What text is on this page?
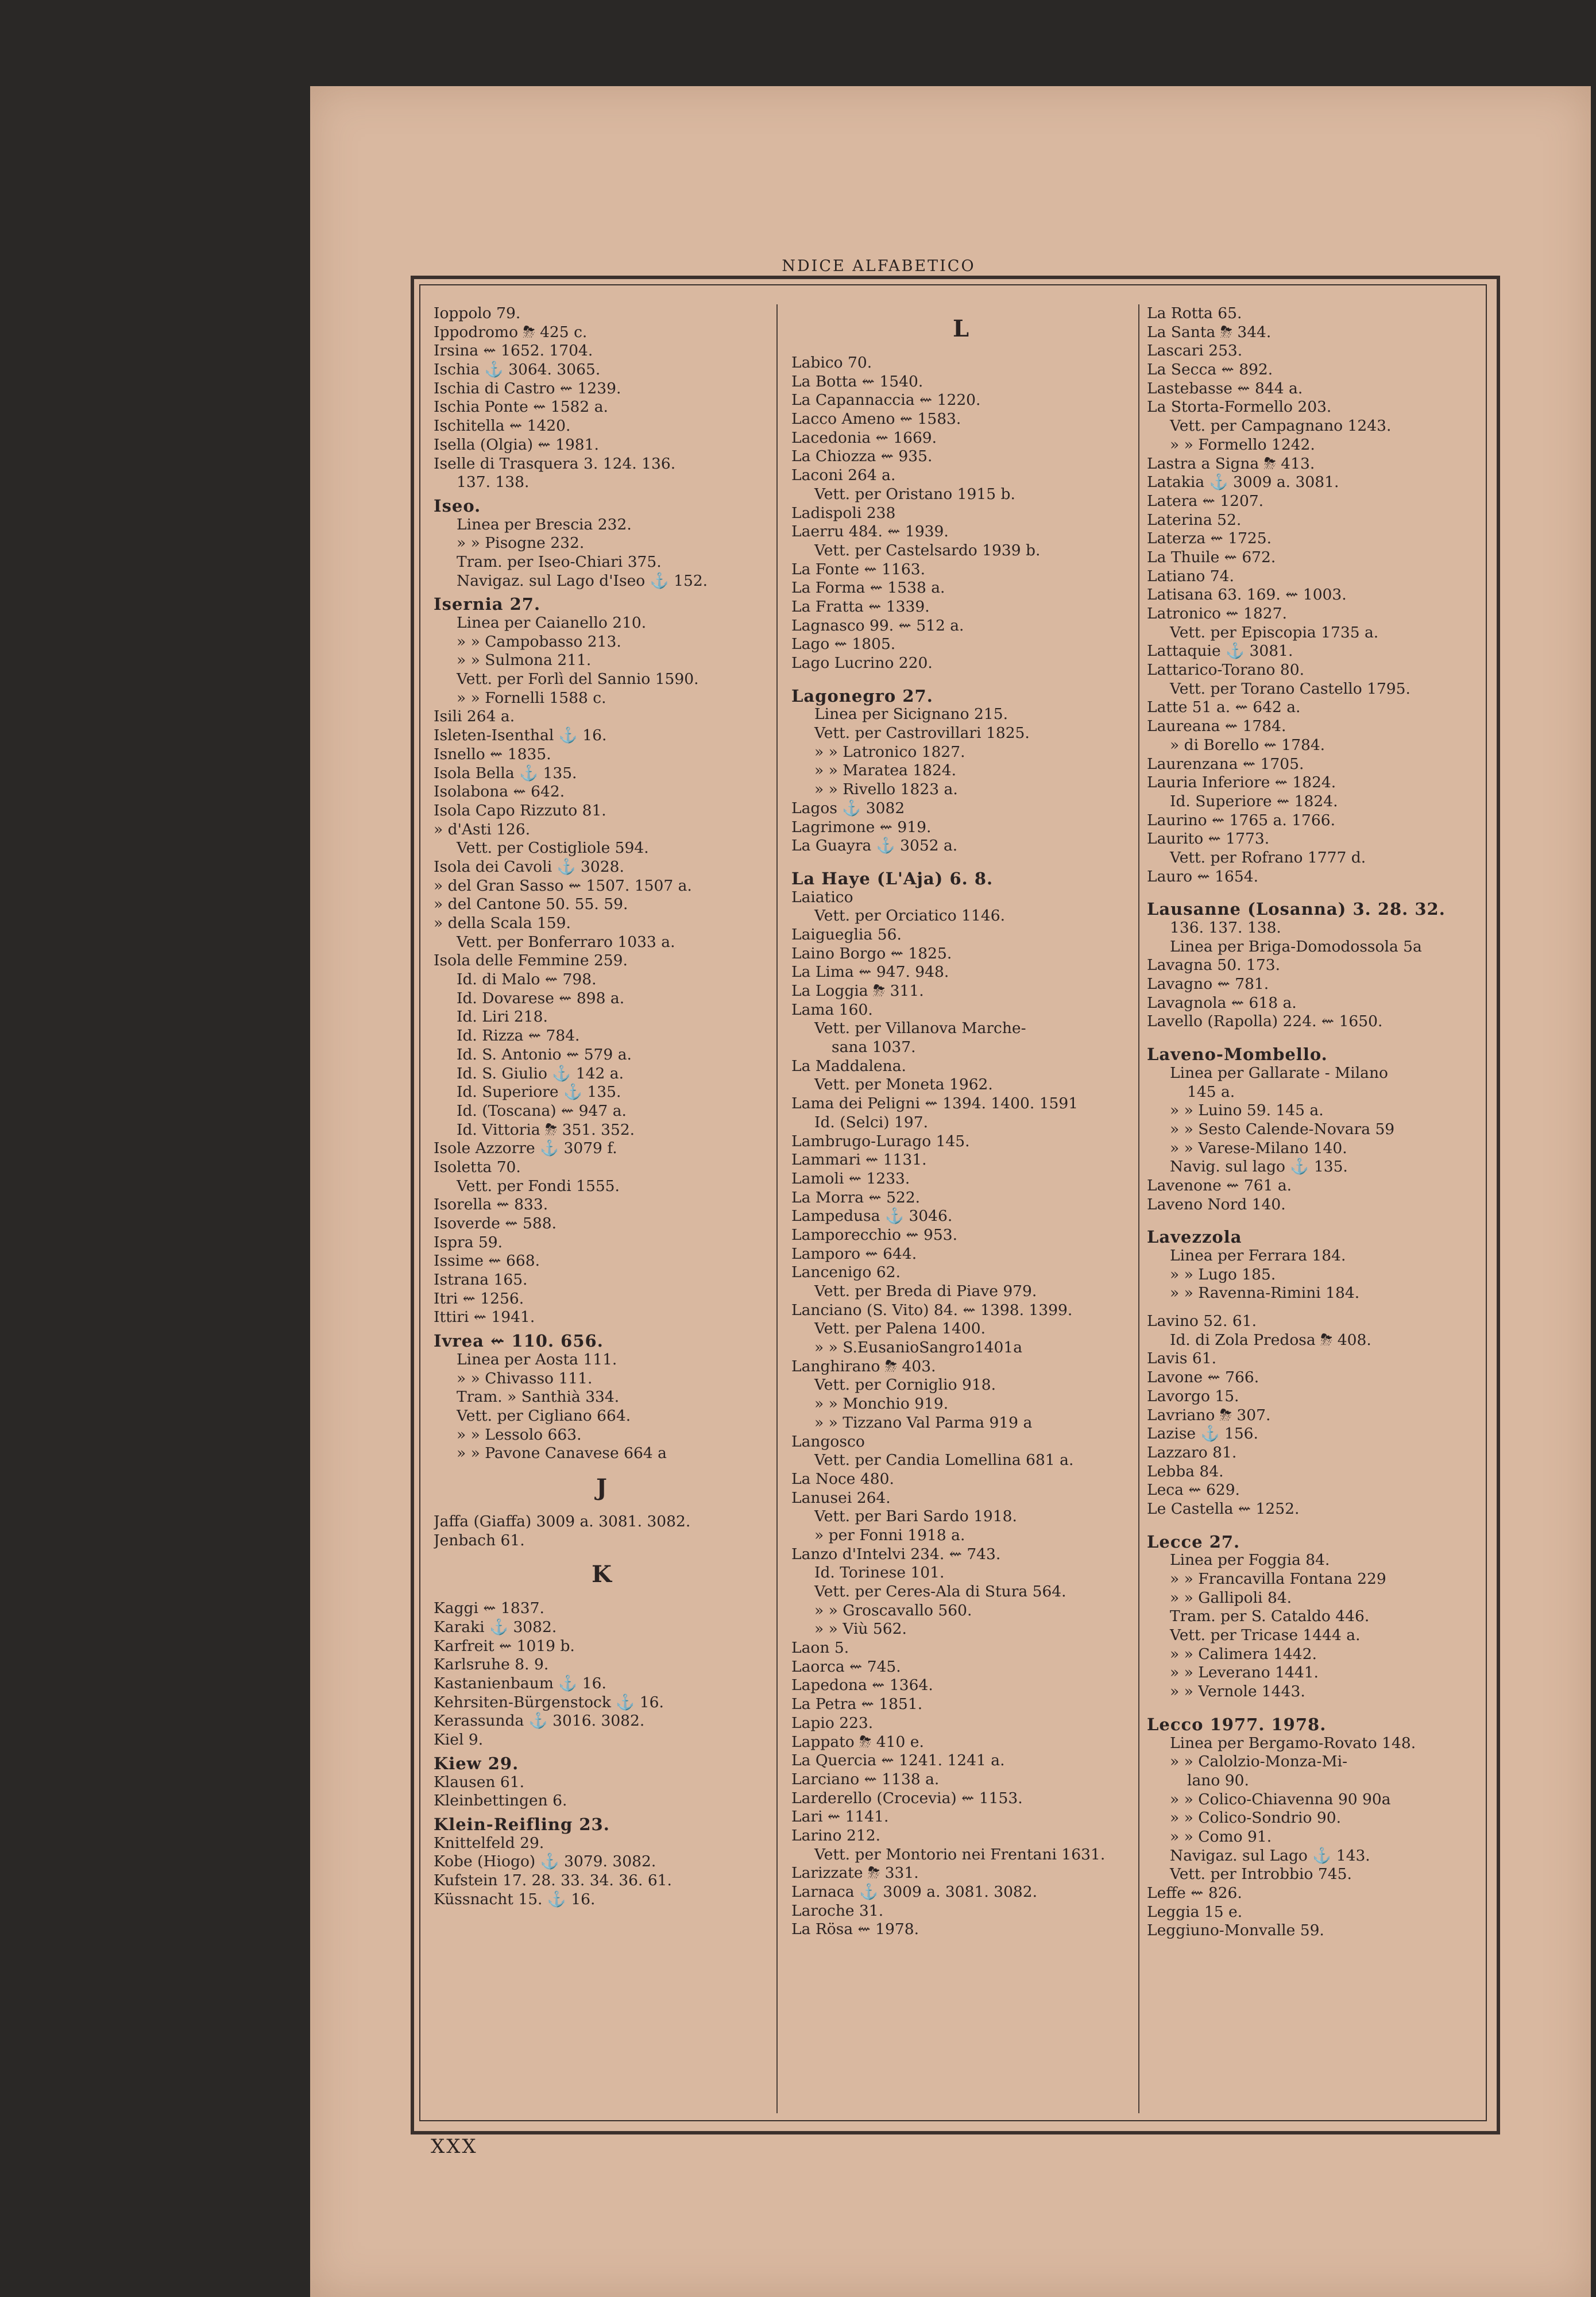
NDICE ALFABETICO
Ioppolo 79.
Ippodromo ⛈ 425 c.
Irsina ⇜ 1652. 1704.
Ischia ⚓ 3064. 3065.
Ischia di Castro ⇜ 1239.
Ischia Ponte ⇜ 1582 a.
Ischitella ⇜ 1420.
Isella (Olgia) ⇜ 1981.
Iselle di Trasquera 3. 124. 136.
137. 138.
Iseo.
Linea per Brescia 232.
» » Pisogne 232.
Tram. per Iseo-Chiari 375.
Navigaz. sul Lago d'Iseo ⚓ 152.
Isernia 27.
Linea per Caianello 210.
» » Campobasso 213.
» » Sulmona 211.
Vett. per Forlì del Sannio 1590.
» » Fornelli 1588 c.
Isili 264 a.
Isleten-Isenthal ⚓ 16.
Isnello ⇜ 1835.
Isola Bella ⚓ 135.
Isolabona ⇜ 642.
Isola Capo Rizzuto 81.
» d'Asti 126.
Vett. per Costigliole 594.
Isola dei Cavoli ⚓ 3028.
» del Gran Sasso ⇜ 1507. 1507 a.
» del Cantone 50. 55. 59.
» della Scala 159.
Vett. per Bonferraro 1033 a.
Isola delle Femmine 259.
Id. di Malo ⇜ 798.
Id. Dovarese ⇜ 898 a.
Id. Liri 218.
Id. Rizza ⇜ 784.
Id. S. Antonio ⇜ 579 a.
Id. S. Giulio ⚓ 142 a.
Id. Superiore ⚓ 135.
Id. (Toscana) ⇜ 947 a.
Id. Vittoria ⛈ 351. 352.
Isole Azzorre ⚓ 3079 f.
Isoletta 70.
Vett. per Fondi 1555.
Isorella ⇜ 833.
Isoverde ⇜ 588.
Ispra 59.
Issime ⇜ 668.
Istrana 165.
Itri ⇜ 1256.
Ittiri ⇜ 1941.
Ivrea ⇜ 110. 656.
Linea per Aosta 111.
» » Chivasso 111.
Tram. » Santhià 334.
Vett. per Cigliano 664.
» » Lessolo 663.
» » Pavone Canavese 664 a
J
Jaffa (Giaffa) 3009 a. 3081. 3082.
Jenbach 61.
K
Kaggi ⇜ 1837.
Karaki ⚓ 3082.
Karfreit ⇜ 1019 b.
Karlsruhe 8. 9.
Kastanienbaum ⚓ 16.
Kehrsiten-Bürgenstock ⚓ 16.
Kerassunda ⚓ 3016. 3082.
Kiel 9.
Kiew 29.
Klausen 61.
Kleinbettingen 6.
Klein-Reifling 23.
Knittelfeld 29.
Kobe (Hiogo) ⚓ 3079. 3082.
Kufstein 17. 28. 33. 34. 36. 61.
Küssnacht 15. ⚓ 16.
L
Labico 70.
La Botta ⇜ 1540.
La Capannaccia ⇜ 1220.
Lacco Ameno ⇜ 1583.
Lacedonia ⇜ 1669.
La Chiozza ⇜ 935.
Laconi 264 a.
Vett. per Oristano 1915 b.
Ladispoli 238
Laerru 484. ⇜ 1939.
Vett. per Castelsardo 1939 b.
La Fonte ⇜ 1163.
La Forma ⇜ 1538 a.
La Fratta ⇜ 1339.
Lagnasco 99. ⇜ 512 a.
Lago ⇜ 1805.
Lago Lucrino 220.
Lagonegro 27.
Linea per Sicignano 215.
Vett. per Castrovillari 1825.
» » Latronico 1827.
» » Maratea 1824.
» » Rivello 1823 a.
Lagos ⚓ 3082
Lagrimone ⇜ 919.
La Guayra ⚓ 3052 a.
La Haye (L'Aja) 6. 8.
Laiatico
Vett. per Orciatico 1146.
Laigueglia 56.
Laino Borgo ⇜ 1825.
La Lima ⇜ 947. 948.
La Loggia ⛈ 311.
Lama 160.
Vett. per Villanova Marche-
sana 1037.
La Maddalena.
Vett. per Moneta 1962.
Lama dei Peligni ⇜ 1394. 1400. 1591
Id. (Selci) 197.
Lambrugo-Lurago 145.
Lammari ⇜ 1131.
Lamoli ⇜ 1233.
La Morra ⇜ 522.
Lampedusa ⚓ 3046.
Lamporecchio ⇜ 953.
Lamporo ⇜ 644.
Lancenigo 62.
Vett. per Breda di Piave 979.
Lanciano (S. Vito) 84. ⇜ 1398. 1399.
Vett. per Palena 1400.
» » S.EusanioSangro1401a
Langhirano ⛈ 403.
Vett. per Corniglio 918.
» » Monchio 919.
» » Tizzano Val Parma 919 a
Langosco
Vett. per Candia Lomellina 681 a.
La Noce 480.
Lanusei 264.
Vett. per Bari Sardo 1918.
» per Fonni 1918 a.
Lanzo d'Intelvi 234. ⇜ 743.
Id. Torinese 101.
Vett. per Ceres-Ala di Stura 564.
» » Groscavallo 560.
» » Viù 562.
Laon 5.
Laorca ⇜ 745.
Lapedona ⇜ 1364.
La Petra ⇜ 1851.
Lapio 223.
Lappato ⛈ 410 e.
La Quercia ⇜ 1241. 1241 a.
Larciano ⇜ 1138 a.
Larderello (Crocevia) ⇜ 1153.
Lari ⇜ 1141.
Larino 212.
Vett. per Montorio nei Frentani 1631.
Larizzate ⛈ 331.
Larnaca ⚓ 3009 a. 3081. 3082.
Laroche 31.
La Rösa ⇜ 1978.
La Rotta 65.
La Santa ⛈ 344.
Lascari 253.
La Secca ⇜ 892.
Lastebasse ⇜ 844 a.
La Storta-Formello 203.
Vett. per Campagnano 1243.
» » Formello 1242.
Lastra a Signa ⛈ 413.
Latakia ⚓ 3009 a. 3081.
Latera ⇜ 1207.
Laterina 52.
Laterza ⇜ 1725.
La Thuile ⇜ 672.
Latiano 74.
Latisana 63. 169. ⇜ 1003.
Latronico ⇜ 1827.
Vett. per Episcopia 1735 a.
Lattaquie ⚓ 3081.
Lattarico-Torano 80.
Vett. per Torano Castello 1795.
Latte 51 a. ⇜ 642 a.
Laureana ⇜ 1784.
» di Borello ⇜ 1784.
Laurenzana ⇜ 1705.
Lauria Inferiore ⇜ 1824.
Id. Superiore ⇜ 1824.
Laurino ⇜ 1765 a. 1766.
Laurito ⇜ 1773.
Vett. per Rofrano 1777 d.
Lauro ⇜ 1654.
Lausanne (Losanna) 3. 28. 32.
136. 137. 138.
Linea per Briga-Domodossola 5a
Lavagna 50. 173.
Lavagno ⇜ 781.
Lavagnola ⇜ 618 a.
Lavello (Rapolla) 224. ⇜ 1650.
Laveno-Mombello.
Linea per Gallarate - Milano
145 a.
» » Luino 59. 145 a.
» » Sesto Calende-Novara 59
» » Varese-Milano 140.
Navig. sul lago ⚓ 135.
Lavenone ⇜ 761 a.
Laveno Nord 140.
Lavezzola
Linea per Ferrara 184.
» » Lugo 185.
» » Ravenna-Rimini 184.
Lavino 52. 61.
Id. di Zola Predosa ⛈ 408.
Lavis 61.
Lavone ⇜ 766.
Lavorgo 15.
Lavriano ⛈ 307.
Lazise ⚓ 156.
Lazzaro 81.
Lebba 84.
Leca ⇜ 629.
Le Castella ⇜ 1252.
Lecce 27.
Linea per Foggia 84.
» » Francavilla Fontana 229
» » Gallipoli 84.
Tram. per S. Cataldo 446.
Vett. per Tricase 1444 a.
» » Calimera 1442.
» » Leverano 1441.
» » Vernole 1443.
Lecco 1977. 1978.
Linea per Bergamo-Rovato 148.
» » Calolzio-Monza-Mi-
lano 90.
» » Colico-Chiavenna 90 90a
» » Colico-Sondrio 90.
» » Como 91.
Navigaz. sul Lago ⚓ 143.
Vett. per Introbbio 745.
Leffe ⇜ 826.
Leggia 15 e.
Leggiuno-Monvalle 59.
XXX
